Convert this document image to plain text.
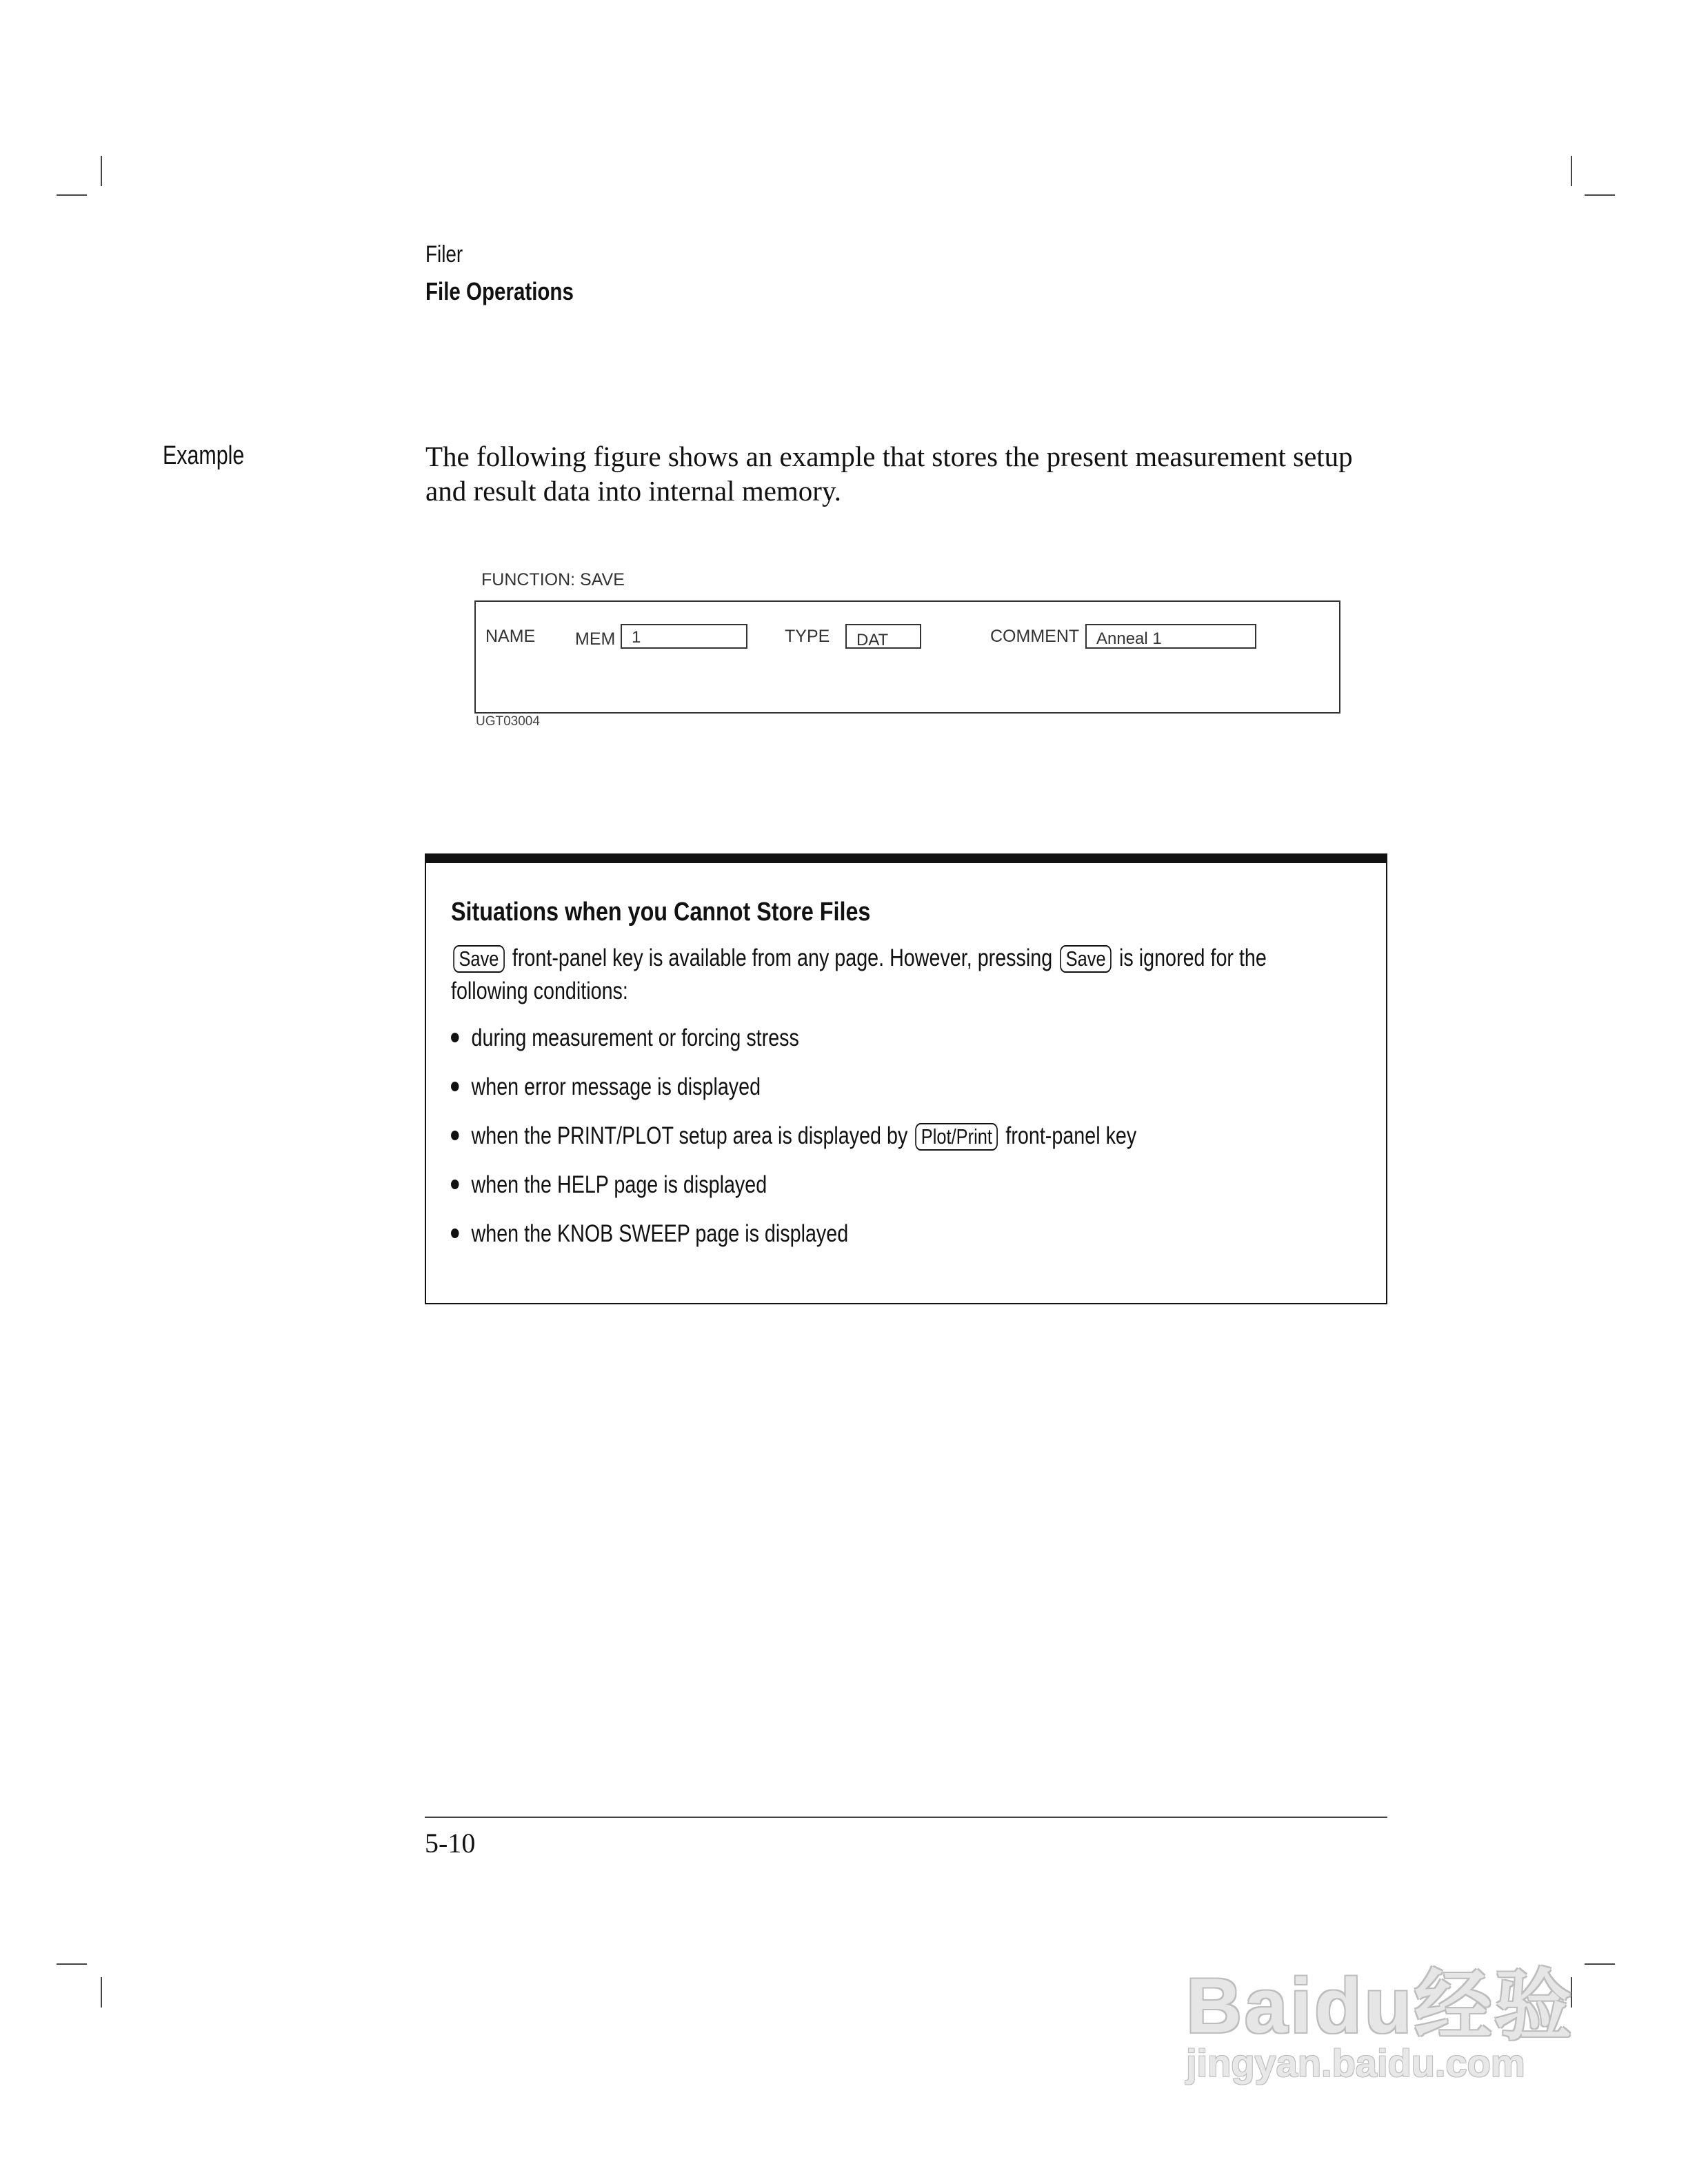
Filer
File Operations
Example	The following figure shows an example that stores the present measurement setup and result data into internal memory.
FUNCTION: SAVE
NAME MEM 1	TYPE	DAT	COMMENT	Anneal 1
UGT03004
Situations when you Cannot Store Files
Save front-panel key is available from any page. However, pressing Save is ignored for the following conditions:
during measurement or forcing stress
when error message is displayed
when the PRINT/PLOT setup area is displayed by Plot/Print front-panel key
when the HELP page is displayed
when the KNOB SWEEP page is displayed
5-10
Baidu经验
jingyan.baidu.com
